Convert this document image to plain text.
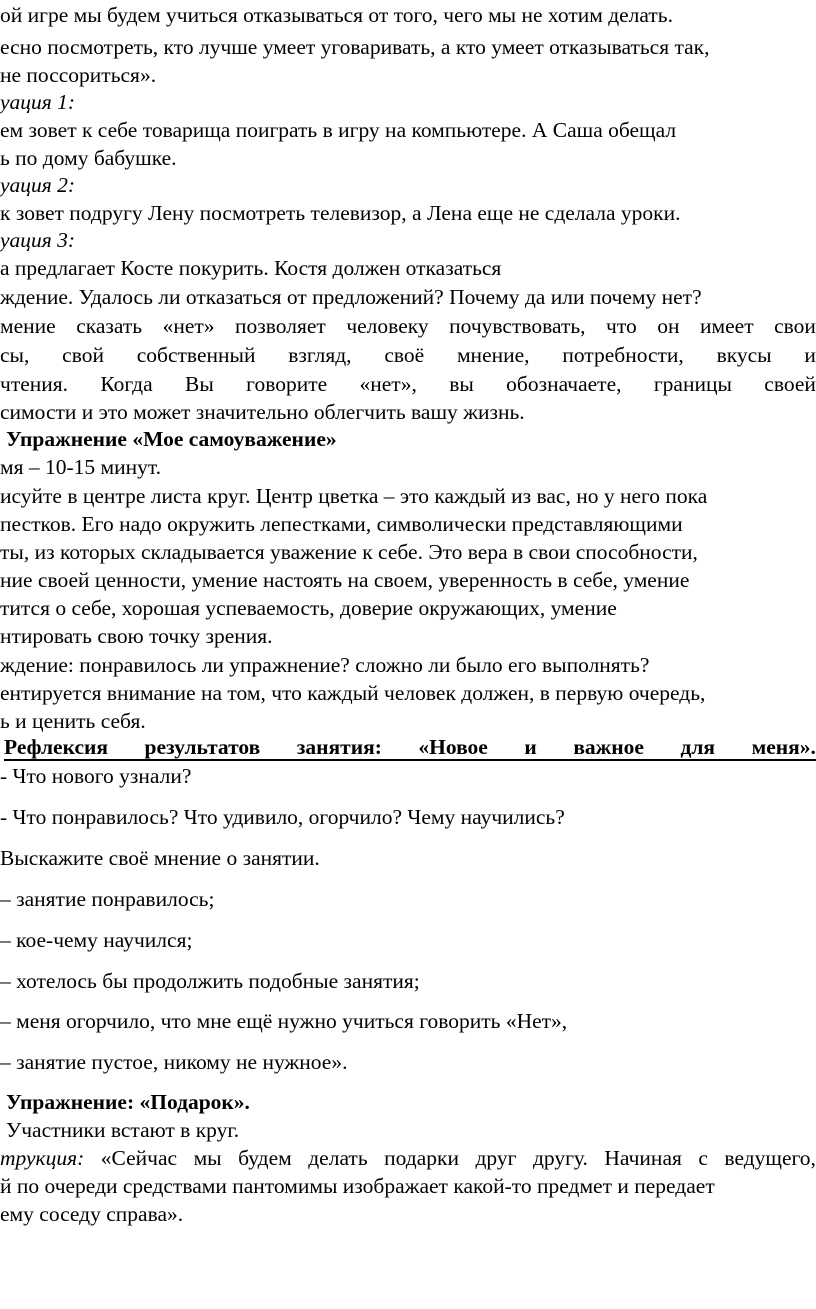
ой игре мы будем учиться отказываться от того, чего мы не хотим делать.
есно посмотреть, кто лучше умеет уговаривать, а кто умеет отказываться так,
не поссориться».
уация 1:
ем зовет к себе товарища поиграть в игру на компьютере. А Саша обещал
ь по дому бабушке.
уация 2:
к зовет подругу Лену посмотреть телевизор, а Лена еще не сделала уроки.
уация 3:
а предлагает Косте покурить. Костя должен отказаться
ждение. Удалось ли отказаться от предложений? Почему да или почему нет?
мение сказать «нет» позволяет человеку почувствовать, что он имеет свои
сы, свой собственный взгляд, своё мнение, потребности, вкусы и
чтения. Когда Вы говорите «нет», вы обозначаете, границы своей
симости и это может значительно облегчить вашу жизнь.
Упражнение «Мое самоуважение»
мя – 10-15 минут.
исуйте в центре листа круг. Центр цветка – это каждый из вас, но у него пока
пестков. Его надо окружить лепестками, символически представляющими
ты, из которых складывается уважение к себе. Это вера в свои способности,
ние своей ценности, умение настоять на своем, уверенность в себе, умение
тится о себе, хорошая успеваемость, доверие окружающих, умение
нтировать свою точку зрения.
ждение: понравилось ли упражнение? сложно ли было его выполнять?
ентируется внимание на том, что каждый человек должен, в первую очередь,
ь и ценить себя.
Рефлексия результатов занятия: «Новое и важное для меня».
- Что нового узнали?
- Что понравилось? Что удивило, огорчило? Чему научились?
Выскажите своё мнение о занятии.
– занятие понравилось;
– кое-чему научился;
– хотелось бы продолжить подобные занятия;
– меня огорчило, что мне ещё нужно учиться говорить «Нет»,
– занятие пустое, никому не нужное».
Упражнение: «Подарок».
Участники встают в круг.
трукция: «Сейчас мы будем делать подарки друг другу. Начиная с ведущего,
й по очереди средствами пантомимы изображает какой-то предмет и передает
ему соседу справа».
